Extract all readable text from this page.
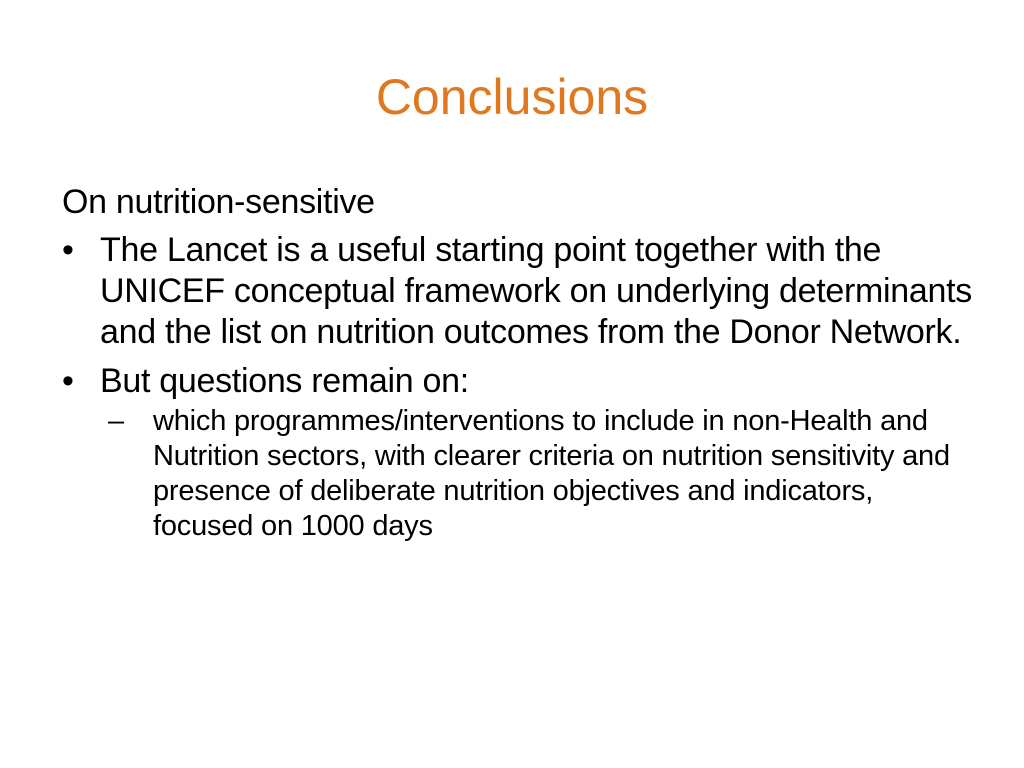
Conclusions

On nutrition-sensitive

• The Lancet is a useful starting point together with the UNICEF conceptual framework on underlying determinants and the list on nutrition outcomes from the Donor Network.
• But questions remain on:
–	which programmes/interventions to include in non-Health and Nutrition sectors, with clearer criteria on nutrition sensitivity and presence of deliberate nutrition objectives and indicators, focused on 1000 days
